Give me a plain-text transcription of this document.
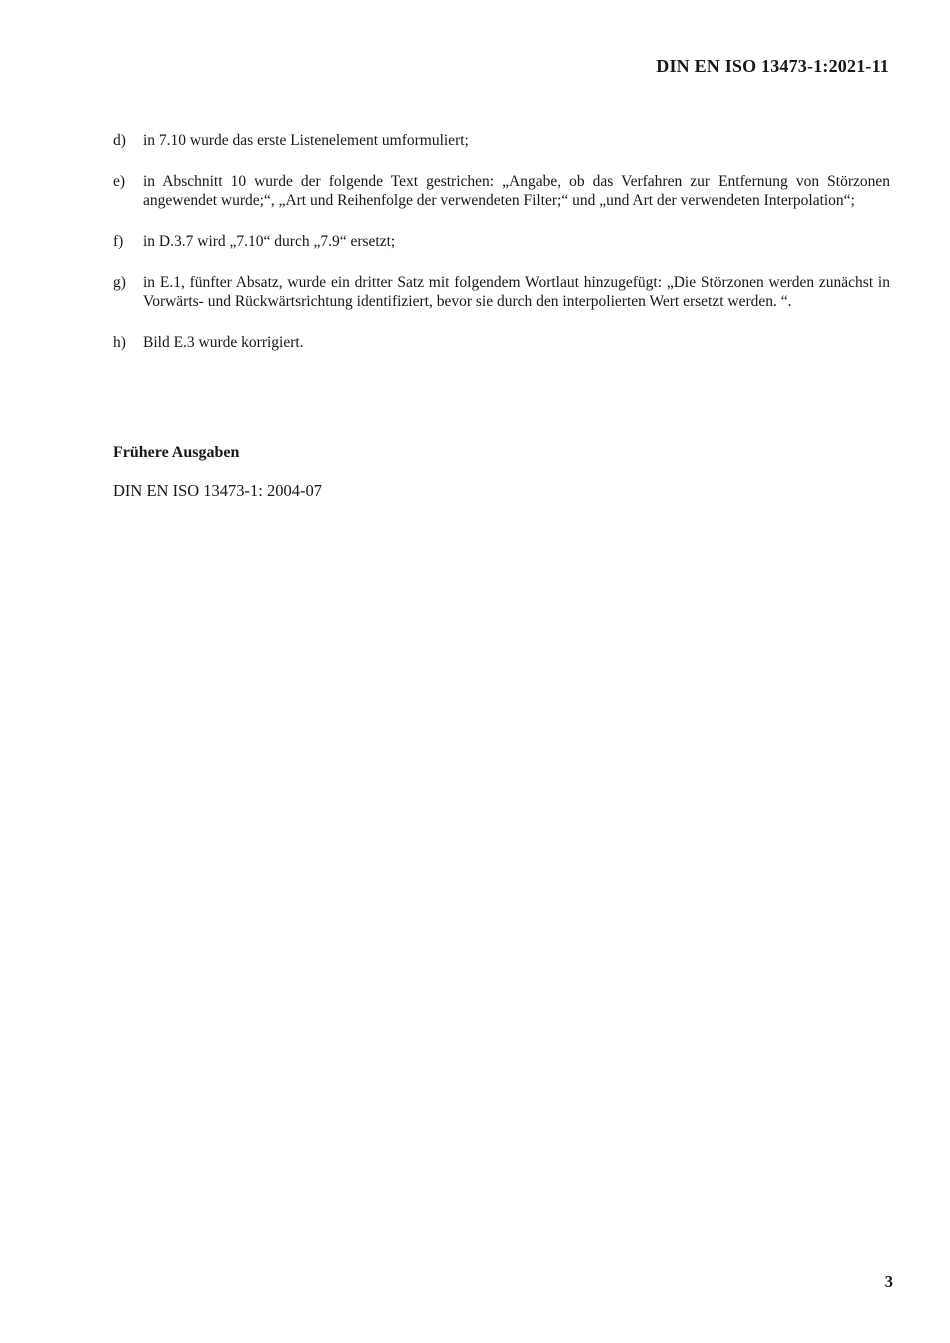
DIN EN ISO 13473-1:2021-11
d)	in 7.10 wurde das erste Listenelement umformuliert;

e)	in Abschnitt 10 wurde der folgende Text gestrichen: „Angabe, ob das Verfahren zur Entfernung von Störzonen angewendet wurde;“, „Art und Reihenfolge der verwendeten Filter;“ und „und Art der verwendeten Interpolation“;

f)	in D.3.7 wird „7.10“ durch „7.9“ ersetzt;

g)	in E.1, fünfter Absatz, wurde ein dritter Satz mit folgendem Wortlaut hinzugefügt: „Die Störzonen werden zunächst in Vorwärts- und Rückwärtsrichtung identifiziert, bevor sie durch den interpolierten Wert ersetzt werden. “.

h)	Bild E.3 wurde korrigiert.

Frühere Ausgaben

DIN EN ISO 13473-1: 2004-07

3
